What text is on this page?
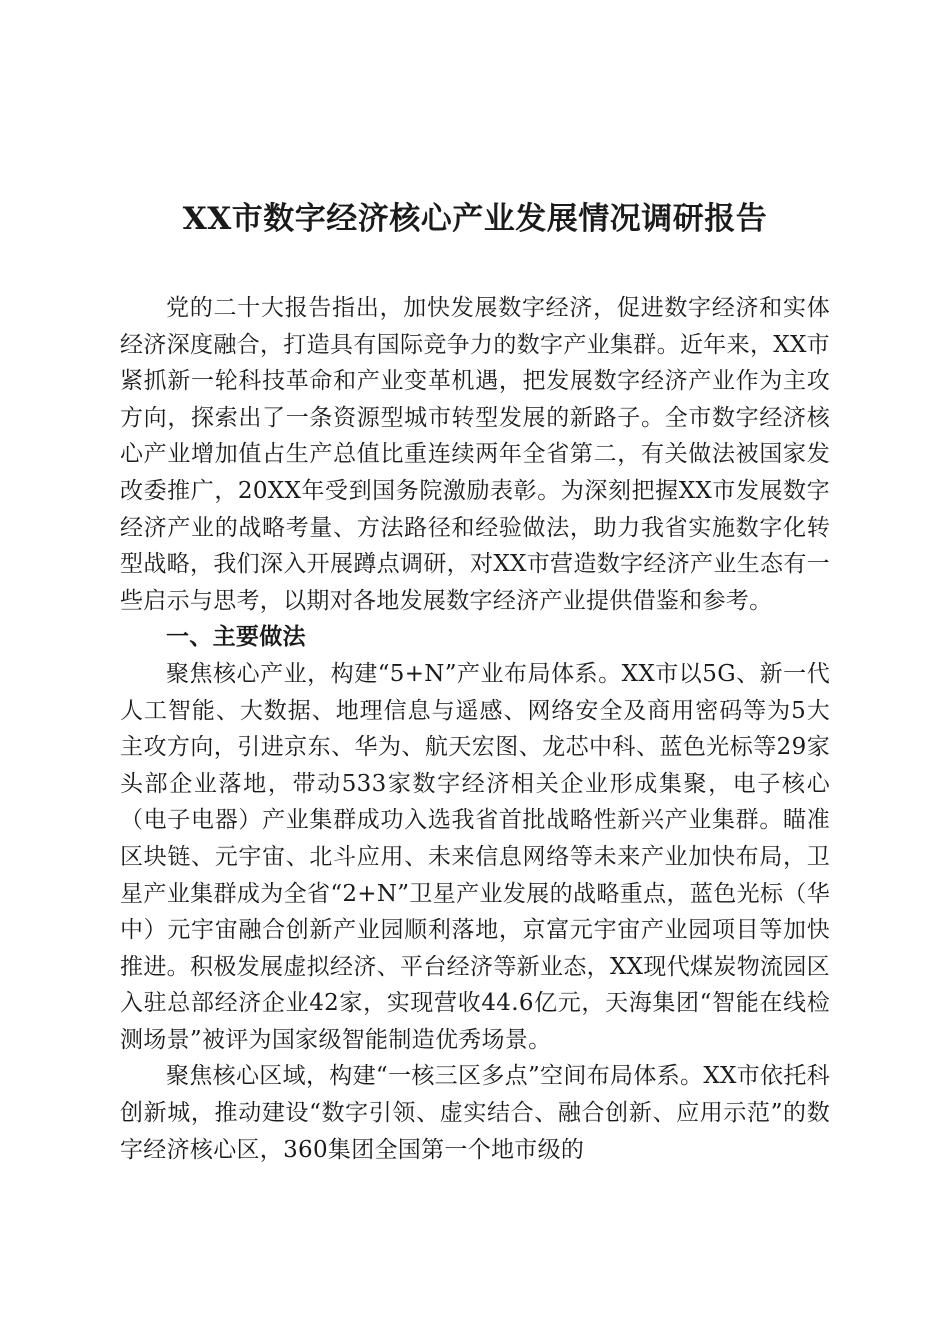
XX市数字经济核心产业发展情况调研报告

党的二十大报告指出，加快发展数字经济，促进数字经济和实体经济深度融合，打造具有国际竞争力的数字产业集群。近年来，XX市紧抓新一轮科技革命和产业变革机遇，把发展数字经济产业作为主攻方向，探索出了一条资源型城市转型发展的新路子。全市数字经济核心产业增加值占生产总值比重连续两年全省第二，有关做法被国家发改委推广，20XX年受到国务院激励表彰。为深刻把握XX市发展数字经济产业的战略考量、方法路径和经验做法，助力我省实施数字化转型战略，我们深入开展蹲点调研，对XX市营造数字经济产业生态有一些启示与思考，以期对各地发展数字经济产业提供借鉴和参考。

一、主要做法

聚焦核心产业，构建“5+N”产业布局体系。XX市以5G、新一代人工智能、大数据、地理信息与遥感、网络安全及商用密码等为5大主攻方向，引进京东、华为、航天宏图、龙芯中科、蓝色光标等29家头部企业落地，带动533家数字经济相关企业形成集聚，电子核心（电子电器）产业集群成功入选我省首批战略性新兴产业集群。瞄准区块链、元宇宙、北斗应用、未来信息网络等未来产业加快布局，卫星产业集群成为全省“2+N”卫星产业发展的战略重点，蓝色光标（华中）元宇宙融合创新产业园顺利落地，京富元宇宙产业园项目等加快推进。积极发展虚拟经济、平台经济等新业态，XX现代煤炭物流园区入驻总部经济企业42家，实现营收44.6亿元，天海集团“智能在线检测场景”被评为国家级智能制造优秀场景。

聚焦核心区域，构建“一核三区多点”空间布局体系。XX市依托科创新城，推动建设“数字引领、虚实结合、融合创新、应用示范”的数字经济核心区，360集团全国第一个地市级的
